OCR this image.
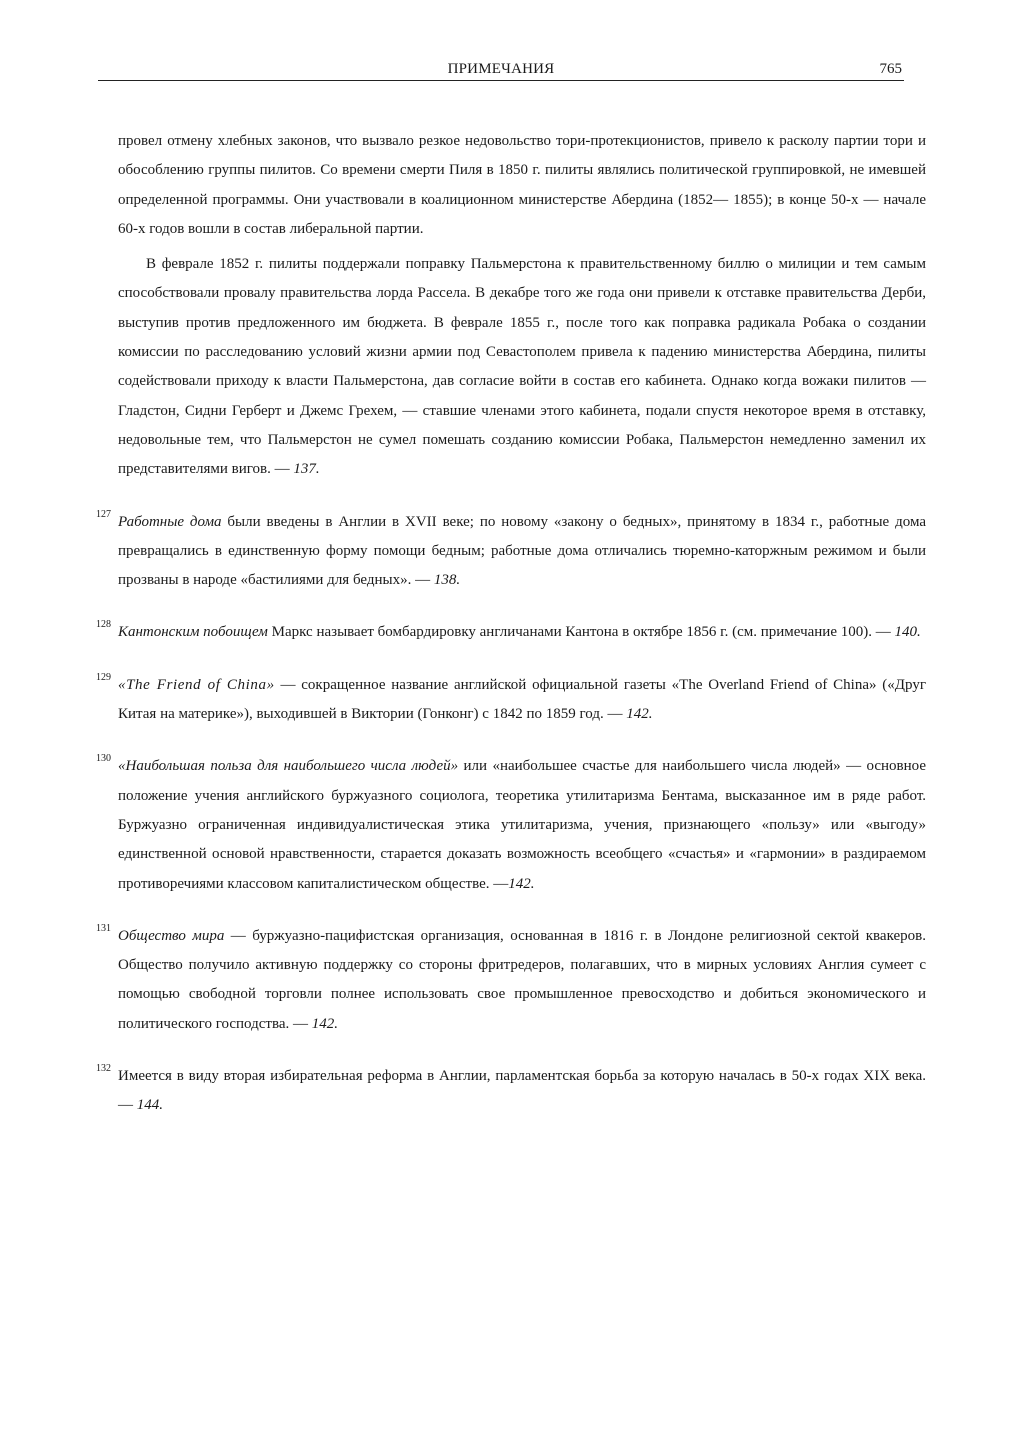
ПРИМЕЧАНИЯ	765

провел отмену хлебных законов, что вызвало резкое недовольство тори-протекционистов, привело к расколу партии тори и обособлению группы пилитов. Со времени смерти Пиля в 1850 г. пилиты являлись политической группировкой, не имевшей определенной программы. Они участвовали в коалиционном министерстве Абердина (1852— 1855); в конце 50-х — начале 60-х годов вошли в состав либеральной партии.

В феврале 1852 г. пилиты поддержали поправку Пальмерстона к правительственному биллю о милиции и тем самым способствовали провалу правительства лорда Рассела. В декабре того же года они привели к отставке правительства Дерби, выступив против предложенного им бюджета. В феврале 1855 г., после того как поправка радикала Робака о создании комиссии по расследованию условий жизни армии под Севастополем привела к падению министерства Абердина, пилиты содействовали приходу к власти Пальмерстона, дав согласие войти в состав его кабинета. Однако когда вожаки пилитов — Гладстон, Сидни Герберт и Джемс Грехем, — ставшие членами этого кабинета, подали спустя некоторое время в отставку, недовольные тем, что Пальмерстон не сумел помешать созданию комиссии Робака, Пальмерстон немедленно заменил их представителями вигов. — 137.

127 Работные дома были введены в Англии в XVII веке; по новому «закону о бедных», принятому в 1834 г., работные дома превращались в единственную форму помощи бедным; работные дома отличались тюремно-каторжным режимом и были прозваны в народе «бастилиями для бедных». — 138.

128 Кантонским побоищем Маркс называет бомбардировку англичанами Кантона в октябре 1856 г. (см. примечание 100). — 140.

129 «The Friend of China» — сокращенное название английской официальной газеты «The Overland Friend of China» («Друг Китая на материке»), выходившей в Виктории (Гонконг) с 1842 по 1859 год. — 142.

130 «Наибольшая польза для наибольшего числа людей» или «наибольшее счастье для наибольшего числа людей» — основное положение учения английского буржуазного социолога, теоретика утилитаризма Бентама, высказанное им в ряде работ. Буржуазно ограниченная индивидуалистическая этика утилитаризма, учения, признающего «пользу» или «выгоду» единственной основой нравственности, старается доказать возможность всеобщего «счастья» и «гармонии» в раздираемом противоречиями классовом капиталистическом обществе. —142.

131 Общество мира — буржуазно-пацифистская организация, основанная в 1816 г. в Лондоне религиозной сектой квакеров. Общество получило активную поддержку со стороны фритредеров, полагавших, что в мирных условиях Англия сумеет с помощью свободной торговли полнее использовать свое промышленное превосходство и добиться экономического и политического господства. — 142.

132 Имеется в виду вторая избирательная реформа в Англии, парламентская борьба за которую началась в 50-х годах XIX века. — 144.
